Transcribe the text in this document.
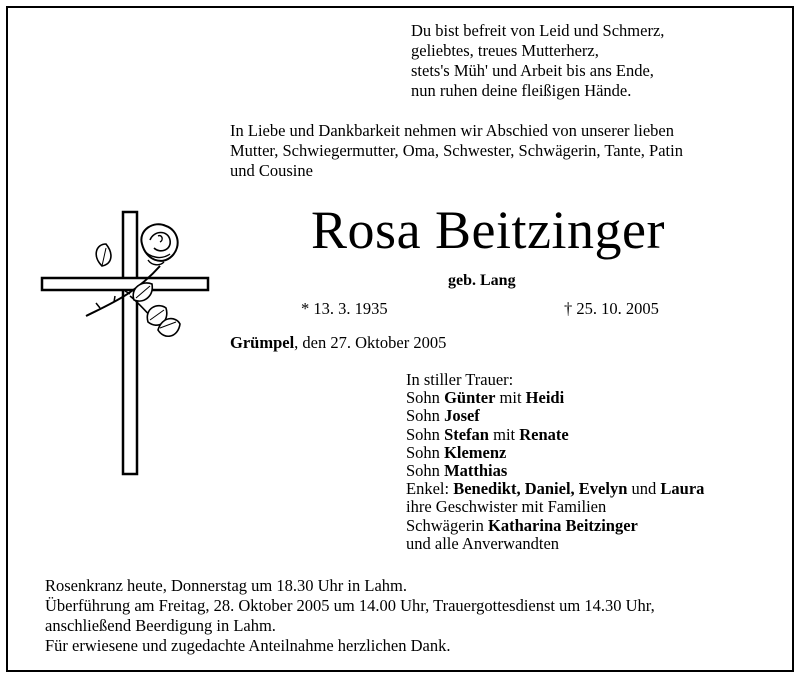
Du bist befreit von Leid und Schmerz,
geliebtes, treues Mutterherz,
stets's Müh' und Arbeit bis ans Ende,
nun ruhen deine fleißigen Hände.
In Liebe und Dankbarkeit nehmen wir Abschied von unserer lieben
Mutter, Schwiegermutter, Oma, Schwester, Schwägerin, Tante, Patin
und Cousine
Rosa Beitzinger
geb. Lang
* 13. 3. 1935	† 25. 10. 2005
Grümpel, den 27. Oktober 2005
In stiller Trauer:
Sohn Günter mit Heidi
Sohn Josef
Sohn Stefan mit Renate
Sohn Klemenz
Sohn Matthias
Enkel: Benedikt, Daniel, Evelyn und Laura
ihre Geschwister mit Familien
Schwägerin Katharina Beitzinger
und alle Anverwandten
Rosenkranz heute, Donnerstag um 18.30 Uhr in Lahm.
Überführung am Freitag, 28. Oktober 2005 um 14.00 Uhr, Trauergottesdienst um 14.30 Uhr,
anschließend Beerdigung in Lahm.
Für erwiesene und zugedachte Anteilnahme herzlichen Dank.
